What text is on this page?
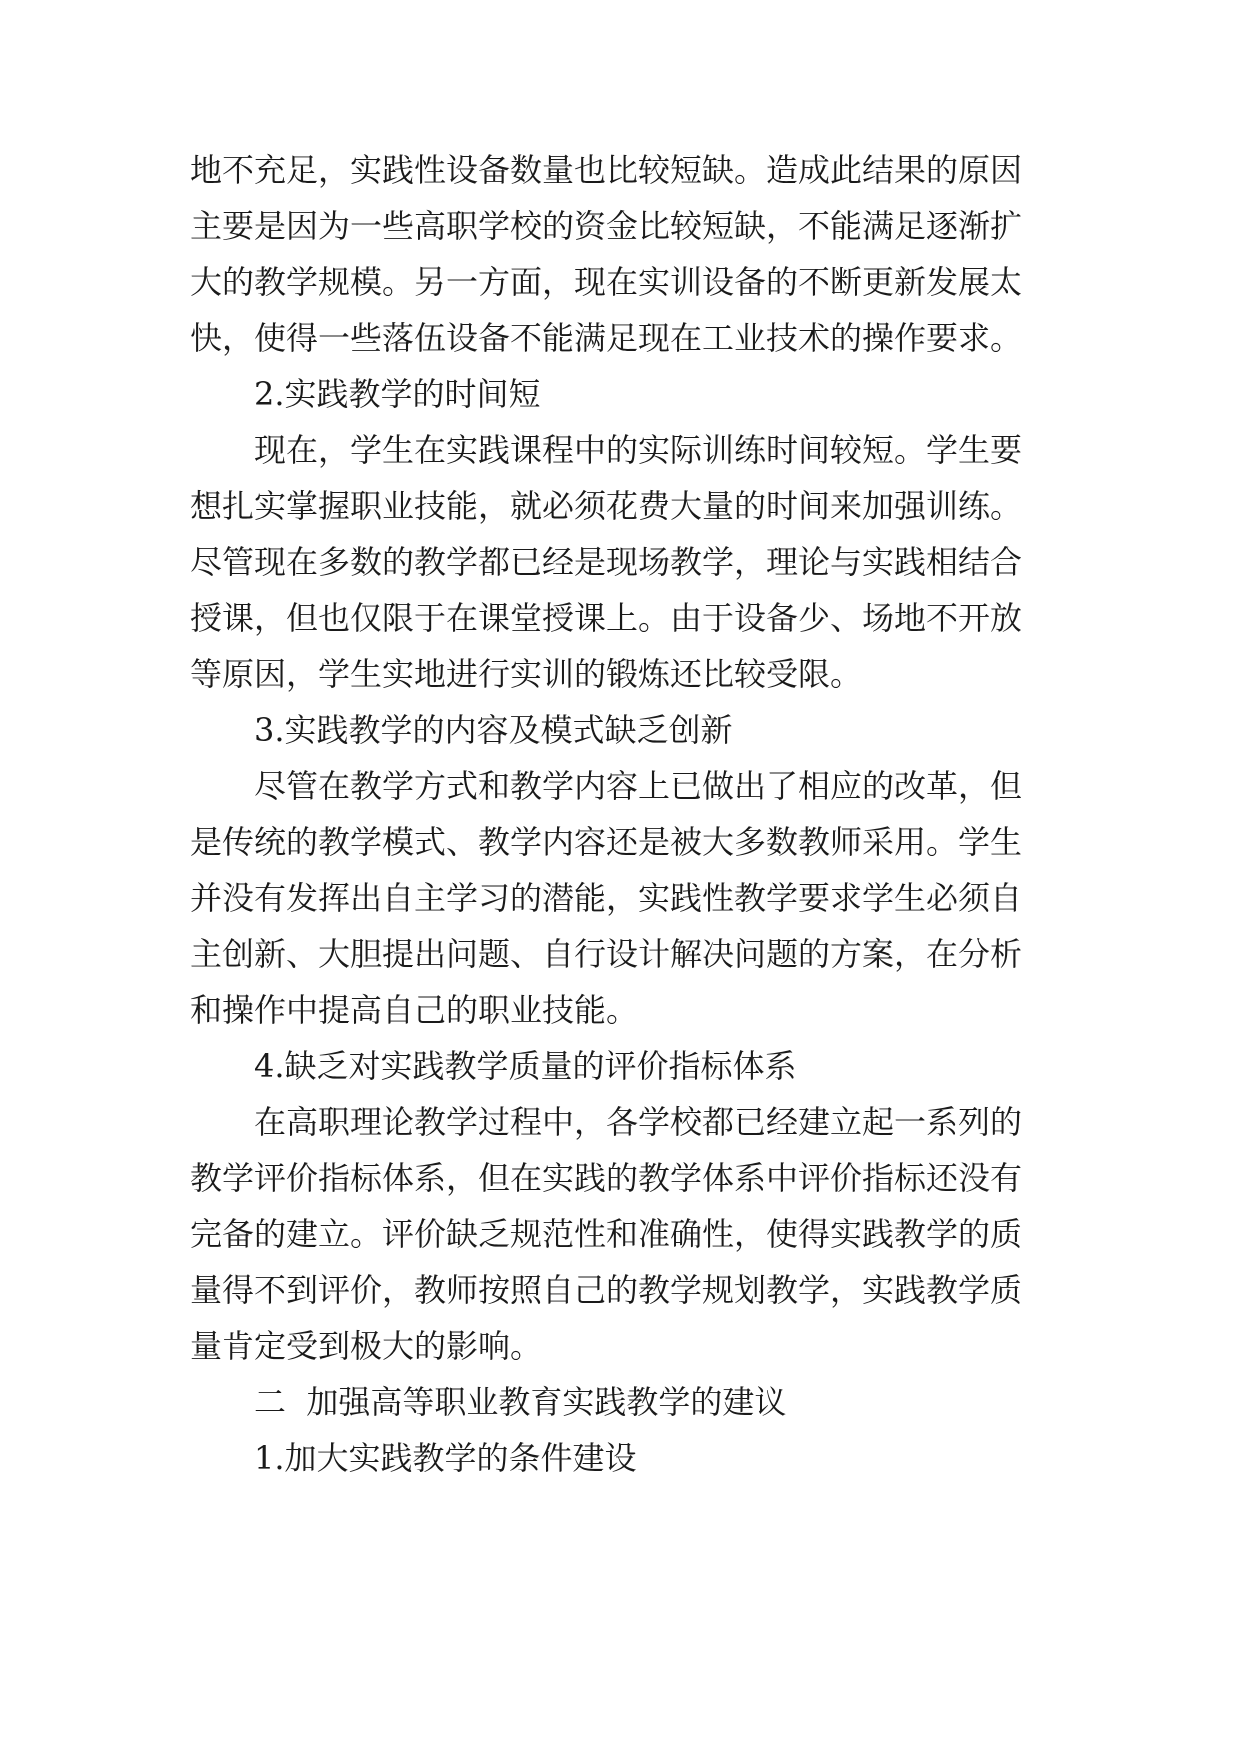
地不充足，实践性设备数量也比较短缺。造成此结果的原因
主要是因为一些高职学校的资金比较短缺，不能满足逐渐扩
大的教学规模。另一方面，现在实训设备的不断更新发展太
快，使得一些落伍设备不能满足现在工业技术的操作要求。
2.实践教学的时间短
现在，学生在实践课程中的实际训练时间较短。学生要
想扎实掌握职业技能，就必须花费大量的时间来加强训练。
尽管现在多数的教学都已经是现场教学，理论与实践相结合
授课，但也仅限于在课堂授课上。由于设备少、场地不开放
等原因，学生实地进行实训的锻炼还比较受限。
3.实践教学的内容及模式缺乏创新
尽管在教学方式和教学内容上已做出了相应的改革，但
是传统的教学模式、教学内容还是被大多数教师采用。学生
并没有发挥出自主学习的潜能，实践性教学要求学生必须自
主创新、大胆提出问题、自行设计解决问题的方案，在分析
和操作中提高自己的职业技能。
4.缺乏对实践教学质量的评价指标体系
在高职理论教学过程中，各学校都已经建立起一系列的
教学评价指标体系，但在实践的教学体系中评价指标还没有
完备的建立。评价缺乏规范性和准确性，使得实践教学的质
量得不到评价，教师按照自己的教学规划教学，实践教学质
量肯定受到极大的影响。
二  加强高等职业教育实践教学的建议
1.加大实践教学的条件建设
